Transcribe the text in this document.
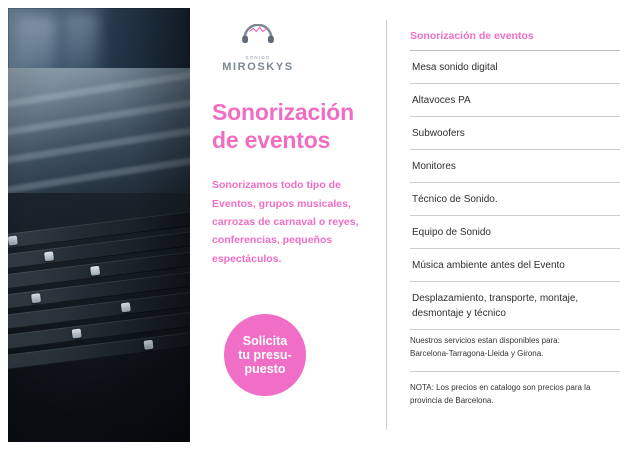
SONIDO
MIROSKYS
Sonorización
de eventos
Sonorizamos todo tipo de Eventos, grupos musicales, carrozas de carnaval o reyes, conferencias, pequeños espectáculos.
Solicita
tu presu-
puesto
Sonorización de eventos
Mesa sonido digital
Altavoces PA
Subwoofers
Monitores
Técnico de Sonido.
Equipo de Sonido
Música ambiente antes del Evento
Desplazamiento, transporte, montaje, desmontaje y técnico
Nuestros servicios estan disponibles para:
Barcelona-Tarragona-Lleida y Girona.
NOTA: Los precios en catalogo son precios para la provincia de Barcelona.
